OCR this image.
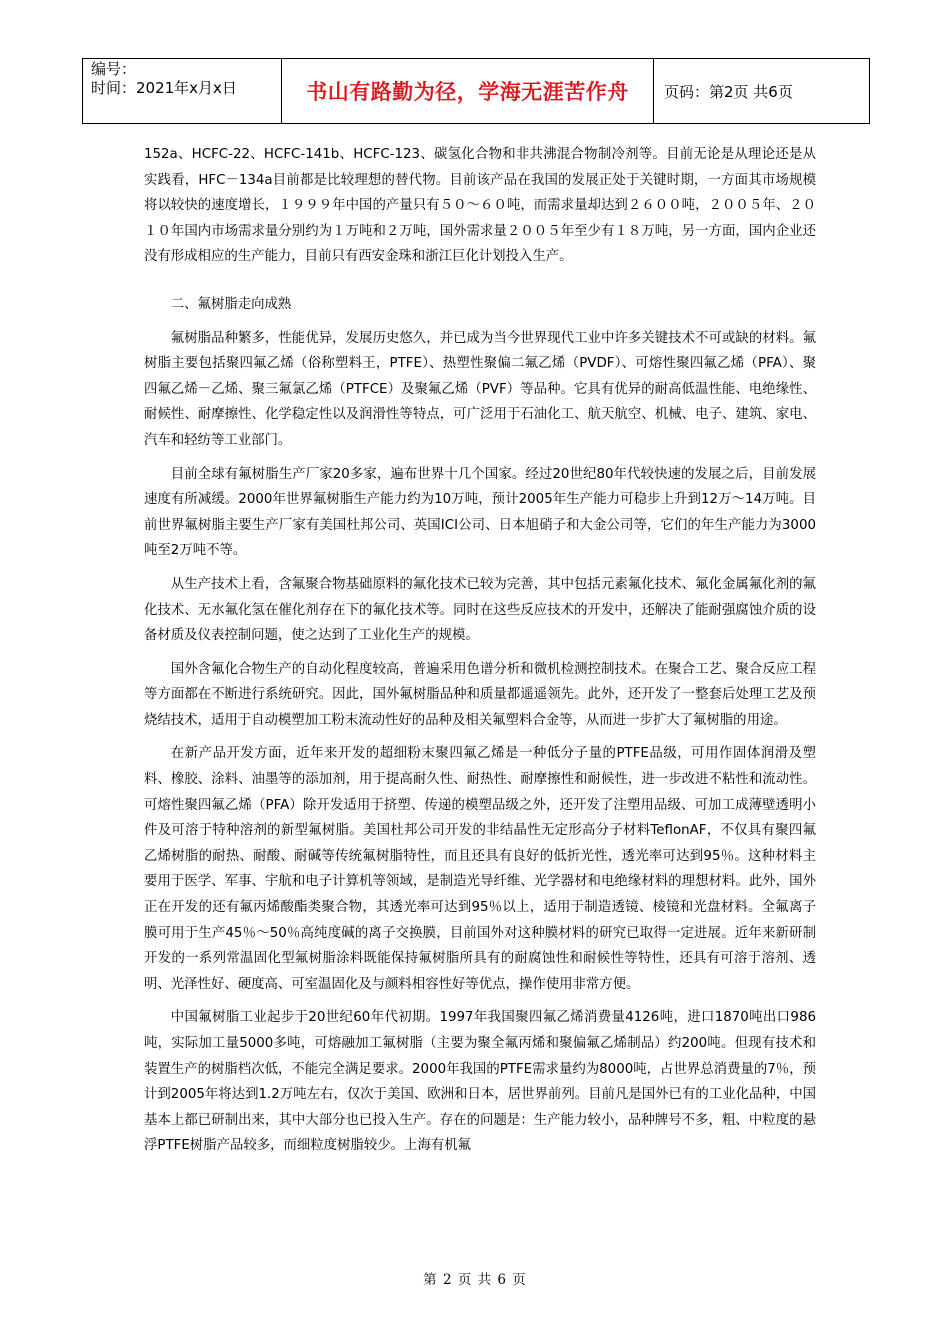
编号：
时间：2021年x月x日	书山有路勤为径，学海无涯苦作舟	页码：第2页 共6页

152a、HCFC-22、HCFC-141b、HCFC-123、碳氢化合物和非共沸混合物制冷剂等。目前无论是从理论还是从实践看，HFC－134a目前都是比较理想的替代物。目前该产品在我国的发展正处于关键时期，一方面其市场规模将以较快的速度增长，１９９９年中国的产量只有５０～６０吨，而需求量却达到２６００吨，２００５年、２０１０年国内市场需求量分别约为１万吨和２万吨，国外需求量２００５年至少有１８万吨，另一方面，国内企业还没有形成相应的生产能力，目前只有西安金珠和浙江巨化计划投入生产。

二、氟树脂走向成熟

氟树脂品种繁多，性能优异，发展历史悠久，并已成为当今世界现代工业中许多关键技术不可或缺的材料。氟树脂主要包括聚四氟乙烯（俗称塑料王，PTFE）、热塑性聚偏二氟乙烯（PVDF）、可熔性聚四氟乙烯（PFA）、聚四氟乙烯－乙烯、聚三氟氯乙烯（PTFCE）及聚氟乙烯（PVF）等品种。它具有优异的耐高低温性能、电绝缘性、耐候性、耐摩擦性、化学稳定性以及润滑性等特点，可广泛用于石油化工、航天航空、机械、电子、建筑、家电、汽车和轻纺等工业部门。

目前全球有氟树脂生产厂家20多家，遍布世界十几个国家。经过20世纪80年代较快速的发展之后，目前发展速度有所减缓。2000年世界氟树脂生产能力约为10万吨，预计2005年生产能力可稳步上升到12万～14万吨。目前世界氟树脂主要生产厂家有美国杜邦公司、英国ICI公司、日本旭硝子和大金公司等，它们的年生产能力为3000吨至2万吨不等。

从生产技术上看，含氟聚合物基础原料的氟化技术已较为完善，其中包括元素氟化技术、氟化金属氟化剂的氟化技术、无水氟化氢在催化剂存在下的氟化技术等。同时在这些反应技术的开发中，还解决了能耐强腐蚀介质的设备材质及仪表控制问题，使之达到了工业化生产的规模。

国外含氟化合物生产的自动化程度较高，普遍采用色谱分析和微机检测控制技术。在聚合工艺、聚合反应工程等方面都在不断进行系统研究。因此，国外氟树脂品种和质量都遥遥领先。此外，还开发了一整套后处理工艺及预烧结技术，适用于自动模塑加工粉末流动性好的品种及相关氟塑料合金等，从而进一步扩大了氟树脂的用途。

在新产品开发方面，近年来开发的超细粉末聚四氟乙烯是一种低分子量的PTFE品级，可用作固体润滑及塑料、橡胶、涂料、油墨等的添加剂，用于提高耐久性、耐热性、耐摩擦性和耐候性，进一步改进不粘性和流动性。可熔性聚四氟乙烯（PFA）除开发适用于挤塑、传递的模塑品级之外，还开发了注塑用品级、可加工成薄壁透明小件及可溶于特种溶剂的新型氟树脂。美国杜邦公司开发的非结晶性无定形高分子材料TeflonAF，不仅具有聚四氟乙烯树脂的耐热、耐酸、耐碱等传统氟树脂特性，而且还具有良好的低折光性，透光率可达到95％。这种材料主要用于医学、军事、宇航和电子计算机等领域，是制造光导纤维、光学器材和电绝缘材料的理想材料。此外，国外正在开发的还有氟丙烯酸酯类聚合物，其透光率可达到95％以上，适用于制造透镜、棱镜和光盘材料。全氟离子膜可用于生产45％～50％高纯度碱的离子交换膜，目前国外对这种膜材料的研究已取得一定进展。近年来新研制开发的一系列常温固化型氟树脂涂料既能保持氟树脂所具有的耐腐蚀性和耐候性等特性，还具有可溶于溶剂、透明、光泽性好、硬度高、可室温固化及与颜料相容性好等优点，操作使用非常方便。

中国氟树脂工业起步于20世纪60年代初期。1997年我国聚四氟乙烯消费量4126吨，进口1870吨出口986吨，实际加工量5000多吨，可熔融加工氟树脂（主要为聚全氟丙烯和聚偏氟乙烯制品）约200吨。但现有技术和装置生产的树脂档次低，不能完全满足要求。2000年我国的PTFE需求量约为8000吨，占世界总消费量的7％，预计到2005年将达到1.2万吨左右，仅次于美国、欧洲和日本，居世界前列。目前凡是国外已有的工业化品种，中国基本上都已研制出来，其中大部分也已投入生产。存在的问题是：生产能力较小，品种牌号不多，粗、中粒度的悬浮PTFE树脂产品较多，而细粒度树脂较少。上海有机氟

第 2 页 共 6 页
